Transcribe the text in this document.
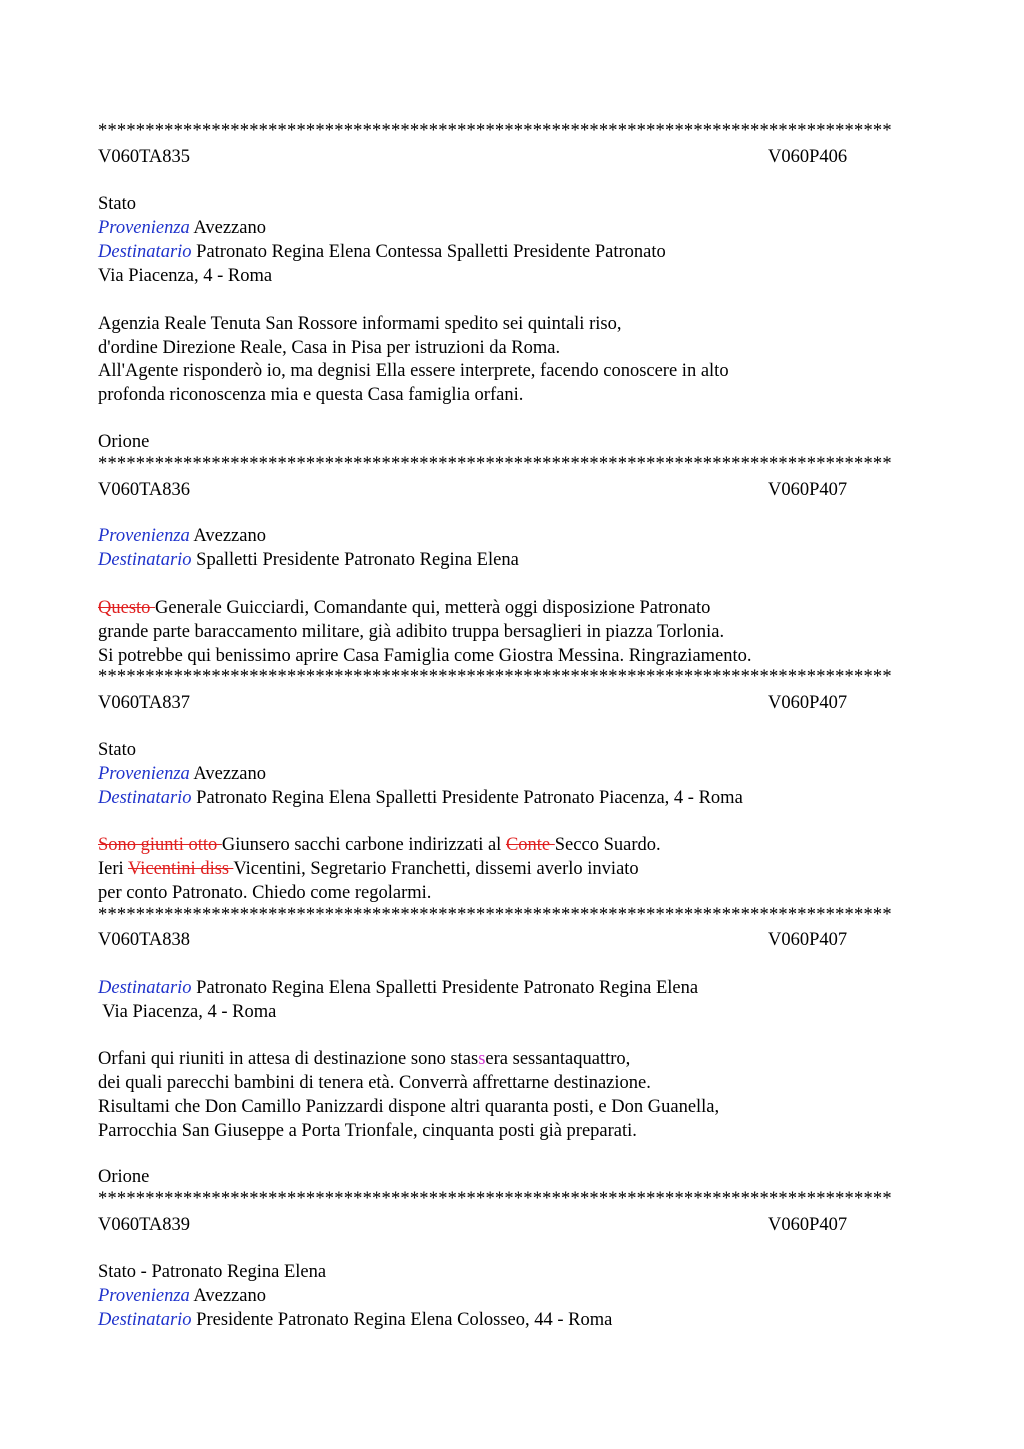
************************************************************************************
V060TA835	V060P406
Stato
Provenienza Avezzano
Destinatario Patronato Regina Elena Contessa Spalletti Presidente Patronato
Via Piacenza, 4 - Roma
Agenzia Reale Tenuta San Rossore informami spedito sei quintali riso,
d'ordine Direzione Reale, Casa in Pisa per istruzioni da Roma.
All'Agente risponderò io, ma degnisi Ella essere interprete, facendo conoscere in alto
profonda riconoscenza mia e questa Casa famiglia orfani.
Orione
************************************************************************************
V060TA836	V060P407
Provenienza Avezzano
Destinatario Spalletti Presidente Patronato Regina Elena
Questo Generale Guicciardi, Comandante qui, metterà oggi disposizione Patronato
grande parte baraccamento militare, già adibito truppa bersaglieri in piazza Torlonia.
Si potrebbe qui benissimo aprire Casa Famiglia come Giostra Messina. Ringraziamento.
************************************************************************************
V060TA837	V060P407
Stato
Provenienza Avezzano
Destinatario Patronato Regina Elena Spalletti Presidente Patronato Piacenza, 4 - Roma
Sono giunti otto Giunsero sacchi carbone indirizzati al Conte Secco Suardo.
Ieri Vicentini diss Vicentini, Segretario Franchetti, dissemi averlo inviato
per conto Patronato. Chiedo come regolarmi.
************************************************************************************
V060TA838	V060P407
Destinatario Patronato Regina Elena Spalletti Presidente Patronato Regina Elena
Via Piacenza, 4 - Roma
Orfani qui riuniti in attesa di destinazione sono stassera sessantaquattro,
dei quali parecchi bambini di tenera età. Converrà affrettarne destinazione.
Risultami che Don Camillo Panizzardi dispone altri quaranta posti, e Don Guanella,
Parrocchia San Giuseppe a Porta Trionfale, cinquanta posti già preparati.
Orione
************************************************************************************
V060TA839	V060P407
Stato - Patronato Regina Elena
Provenienza Avezzano
Destinatario Presidente Patronato Regina Elena Colosseo, 44 - Roma
